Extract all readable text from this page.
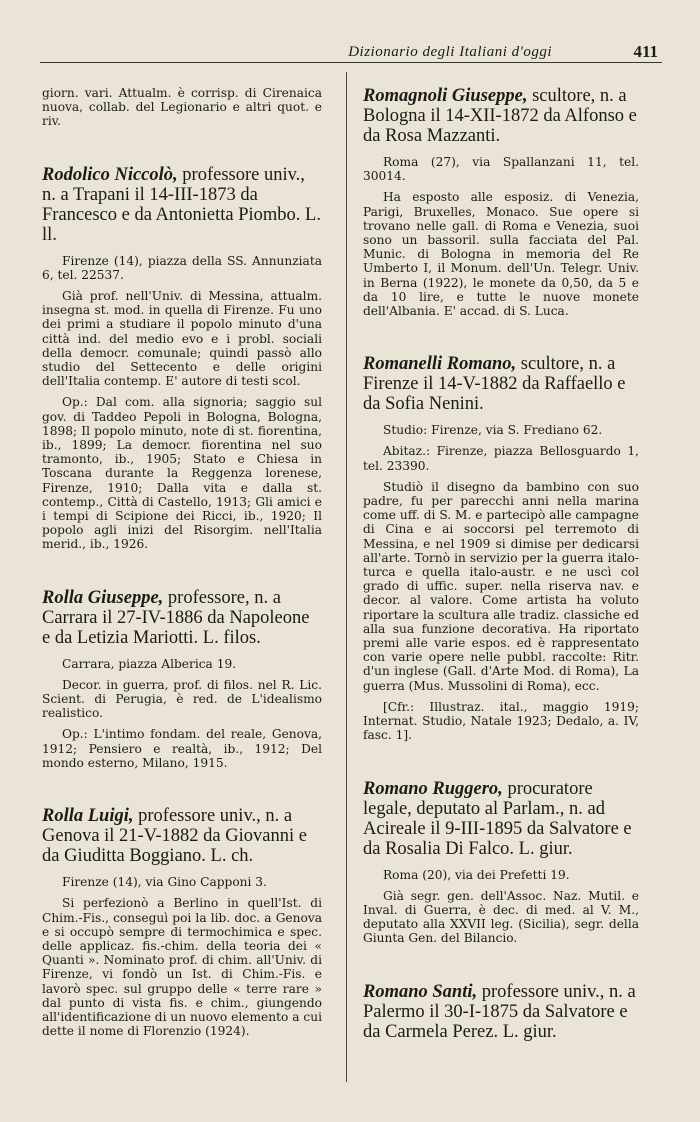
Dizionario degli Italiani d'oggi	411

giorn. vari. Attualm. è corrisp. di Cirenaica nuova, collab. del Legionario e altri quot. e riv.

Rodolico Niccolò, professore univ., n. a Trapani il 14-III-1873 da Francesco e da Antonietta Piombo. L. ll.

Firenze (14), piazza della SS. Annunziata 6, tel. 22537.

Già prof. nell'Univ. di Messina, attualm. insegna st. mod. in quella di Firenze. Fu uno dei primi a studiare il popolo minuto d'una città ind. del medio evo e i probl. sociali della democr. comunale; quindi passò allo studio del Settecento e delle origini dell'Italia contemp. E' autore di testi scol.

Op.: Dal com. alla signoria; saggio sul gov. di Taddeo Pepoli in Bologna, Bologna, 1898; Il popolo minuto, note di st. fiorentina, ib., 1899; La democr. fiorentina nel suo tramonto, ib., 1905; Stato e Chiesa in Toscana durante la Reggenza lorenese, Firenze, 1910; Dalla vita e dalla st. contemp., Città di Castello, 1913; Gli amici e i tempi di Scipione dei Ricci, ib., 1920; Il popolo agli inizi del Risorgim. nell'Italia merid., ib., 1926.

Rolla Giuseppe, professore, n. a Carrara il 27-IV-1886 da Napoleone e da Letizia Mariotti. L. filos.

Carrara, piazza Alberica 19.

Decor. in guerra, prof. di filos. nel R. Lic. Scient. di Perugia, è red. de L'idealismo realistico.

Op.: L'intimo fondam. del reale, Genova, 1912; Pensiero e realtà, ib., 1912; Del mondo esterno, Milano, 1915.

Rolla Luigi, professore univ., n. a Genova il 21-V-1882 da Giovanni e da Giuditta Boggiano. L. ch.

Firenze (14), via Gino Capponi 3.

Si perfezionò a Berlino in quell'Ist. di Chim.-Fis., conseguì poi la lib. doc. a Genova e si occupò sempre di termochimica e spec. delle applicaz. fis.-chim. della teoria dei « Quanti ». Nominato prof. di chim. all'Univ. di Firenze, vi fondò un Ist. di Chim.-Fis. e lavorò spec. sul gruppo delle « terre rare » dal punto di vista fis. e chim., giungendo all'identificazione di un nuovo elemento a cui dette il nome di Florenzio (1924).

Romagnoli Giuseppe, scultore, n. a Bologna il 14-XII-1872 da Alfonso e da Rosa Mazzanti.

Roma (27), via Spallanzani 11, tel. 30014.

Ha esposto alle esposiz. di Venezia, Parigi, Bruxelles, Monaco. Sue opere si trovano nelle gall. di Roma e Venezia, suoi sono un bassoril. sulla facciata del Pal. Munic. di Bologna in memoria del Re Umberto I, il Monum. dell'Un. Telegr. Univ. in Berna (1922), le monete da 0,50, da 5 e da 10 lire, e tutte le nuove monete dell'Albania. E' accad. di S. Luca.

Romanelli Romano, scultore, n. a Firenze il 14-V-1882 da Raffaello e da Sofia Nenini.

Studio: Firenze, via S. Frediano 62.

Abitaz.: Firenze, piazza Bellosguardo 1, tel. 23390.

Studiò il disegno da bambino con suo padre, fu per parecchi anni nella marina come uff. di S. M. e partecipò alle campagne di Cina e ai soccorsi pel terremoto di Messina, e nel 1909 si dimise per dedicarsi all'arte. Tornò in servizio per la guerra italo-turca e quella italo-austr. e ne uscì col grado di uffic. super. nella riserva nav. e decor. al valore. Come artista ha voluto riportare la scultura alle tradiz. classiche ed alla sua funzione decorativa. Ha riportato premi alle varie espos. ed è rappresentato con varie opere nelle pubbl. raccolte: Ritr. d'un inglese (Gall. d'Arte Mod. di Roma), La guerra (Mus. Mussolini di Roma), ecc.

[Cfr.: Illustraz. ital., maggio 1919; Internat. Studio, Natale 1923; Dedalo, a. IV, fasc. 1].

Romano Ruggero, procuratore legale, deputato al Parlam., n. ad Acireale il 9-III-1895 da Salvatore e da Rosalia Di Falco. L. giur.

Roma (20), via dei Prefetti 19.

Già segr. gen. dell'Assoc. Naz. Mutil. e Inval. di Guerra, è dec. di med. al V. M., deputato alla XXVII leg. (Sicilia), segr. della Giunta Gen. del Bilancio.

Romano Santi, professore univ., n. a Palermo il 30-I-1875 da Salvatore e da Carmela Perez. L. giur.
